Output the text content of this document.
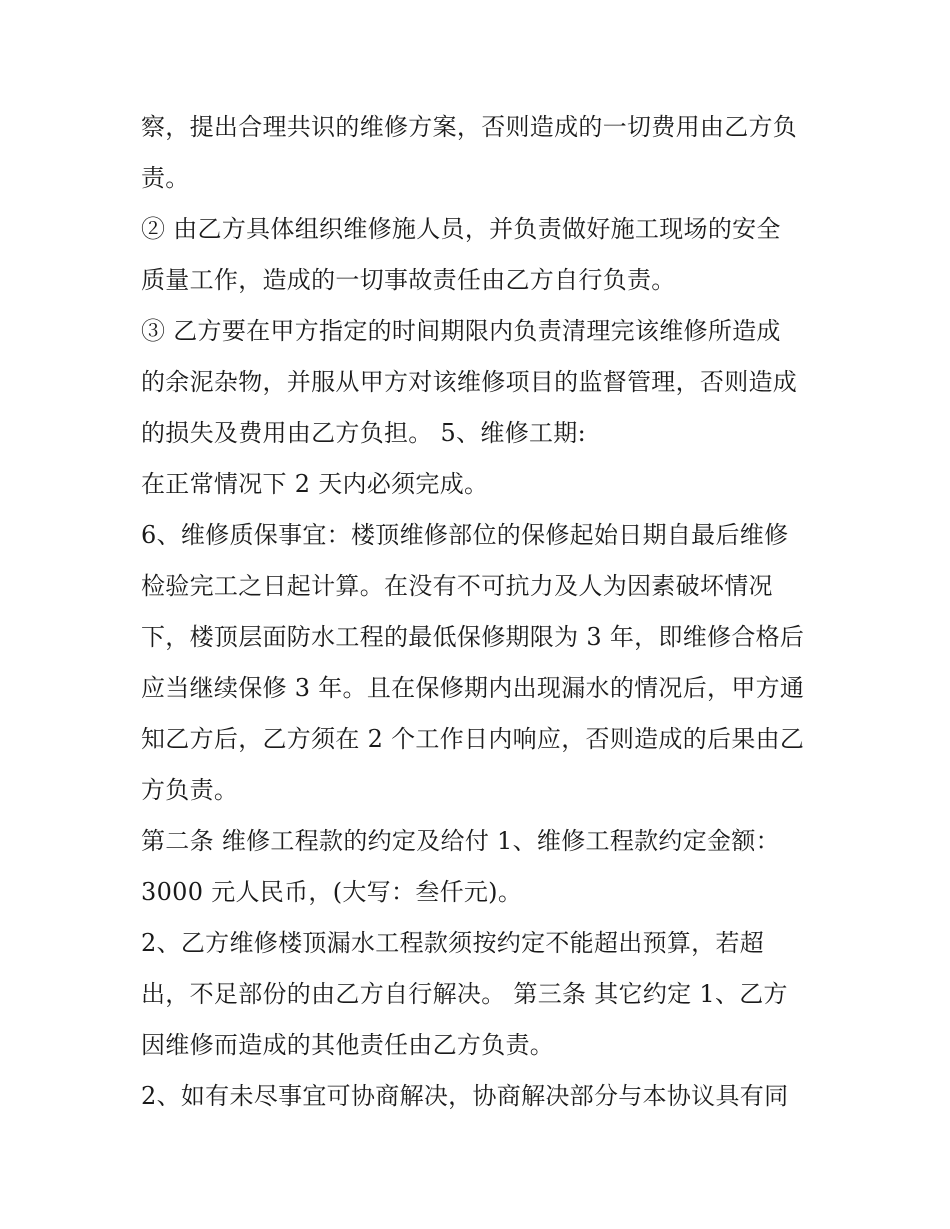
察，提出合理共识的维修方案，否则造成的一切费用由乙方负
责。
② 由乙方具体组织维修施人员，并负责做好施工现场的安全
质量工作，造成的一切事故责任由乙方自行负责。
③ 乙方要在甲方指定的时间期限内负责清理完该维修所造成
的余泥杂物，并服从甲方对该维修项目的监督管理，否则造成
的损失及费用由乙方负担。 5、维修工期:
在正常情况下 2 天内必须完成。
6、维修质保事宜：楼顶维修部位的保修起始日期自最后维修
检验完工之日起计算。在没有不可抗力及人为因素破坏情况
下，楼顶层面防水工程的最低保修期限为 3 年，即维修合格后
应当继续保修 3 年。且在保修期内出现漏水的情况后，甲方通
知乙方后，乙方须在 2 个工作日内响应，否则造成的后果由乙
方负责。
第二条 维修工程款的约定及给付 1、维修工程款约定金额：
3000 元人民币，(大写：叁仟元)。
2、乙方维修楼顶漏水工程款须按约定不能超出预算，若超
出，不足部份的由乙方自行解决。 第三条 其它约定 1、乙方
因维修而造成的其他责任由乙方负责。
2、如有未尽事宜可协商解决，协商解决部分与本协议具有同
